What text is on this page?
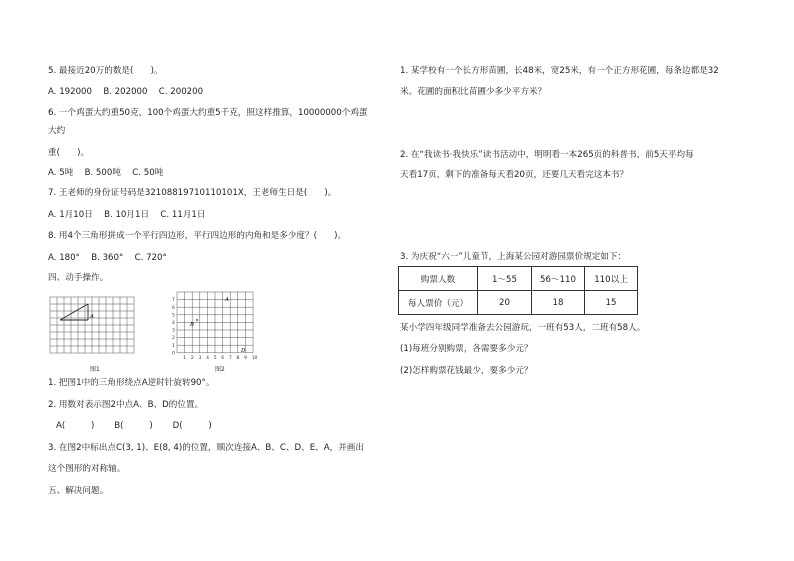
5. 最接近20万的数是(　　)。
A. 192000　 B. 202000　 C. 200200
6. 一个鸡蛋大约重50克，100个鸡蛋大约重5千克，照这样推算，10000000个鸡蛋
大约
重(　　)。
A. 5吨　 B. 500吨　 C. 50吨
7. 王老师的身份证号码是321088197101101​01X，王老师生日是(　　)。
A. 1月10日　 B. 10月1日　 C. 11月1日
8. 用4个三角形拼成一个平行四边形，平行四边形的内角和是多少度？(　　)。
A. 180°　 B. 360°　 C. 720°
四、动手操作。
A
图1
0
1
2
3
4
5
6
7
1 2 3 4 5 6 7 8 9 10
A
B
D
图2
1. 把图1中的三角形绕点A逆时针旋转90°。
2. 用数对表示图2中点A、B、D的位置。
A(　　　)　　 B(　　　)　　 D(　　　)
3. 在图2中标出点C(3, 1)、E(8, 4)的位置，顺次连接A、B、C、D、E、A，并画出
这个图形的对称轴。
五、解决问题。
1. 某学校有一个长方形苗圃，长48米，宽25米，有一个正方形花圃，每条边都是32
米。花圃的面积比苗圃少多少平方米？
2. 在“我读书·我快乐”读书活动中，明明看一本265页的科普书，前5天平均每
天看17页，剩下的准备每天看20页，还要几天看完这本书？
3. 为庆祝“六一”儿童节，上海某公园对游园票价规定如下：
购票人数	1～55	56～110	110以上
每人票价（元）	20	18	15
某小学四年级同学准备去公园游玩，一班有53人，二班有58人。
(1)每班分别购票，各需要多少元？
(2)怎样购票花钱最少，要多少元？
